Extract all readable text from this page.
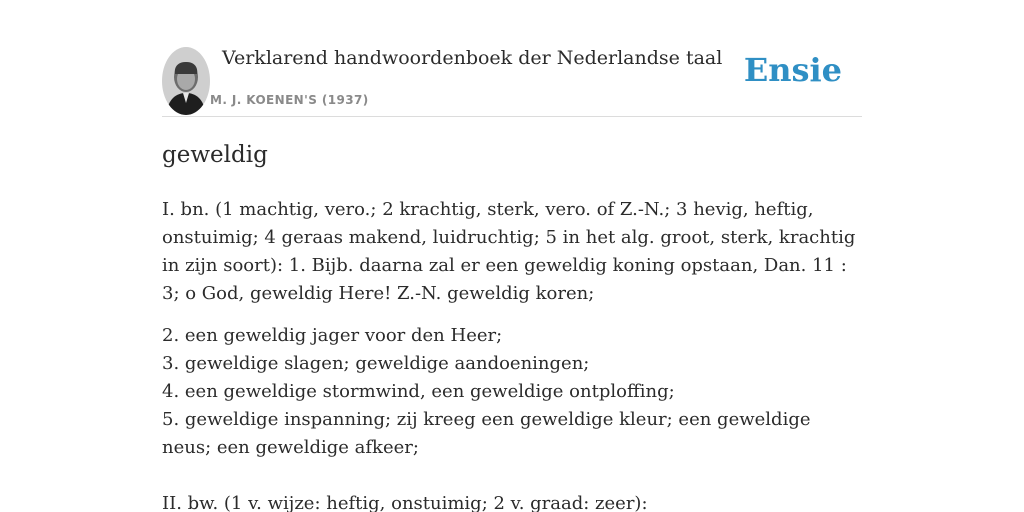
Verklarend handwoordenboek der Nederlandse taal
M. J. KOENEN'S (1937)
Ensie
geweldig

I. bn. (1 machtig, vero.; 2 krachtig, sterk, vero. of Z.-N.; 3 hevig, heftig, onstuimig; 4 geraas makend, luidruchtig; 5 in het alg. groot, sterk, krachtig in zijn soort): 1. Bijb. daarna zal er een geweldig koning opstaan, Dan. 11 : 3; o God, geweldig Here! Z.-N. geweldig koren;

2. een geweldig jager voor den Heer;
3. geweldige slagen; geweldige aandoeningen;
4. een geweldige stormwind, een geweldige ontploffing;
5. geweldige inspanning; zij kreeg een geweldige kleur; een geweldige neus; een geweldige afkeer;

II. bw. (1 v. wijze: heftig, onstuimig; 2 v. graad: zeer):
